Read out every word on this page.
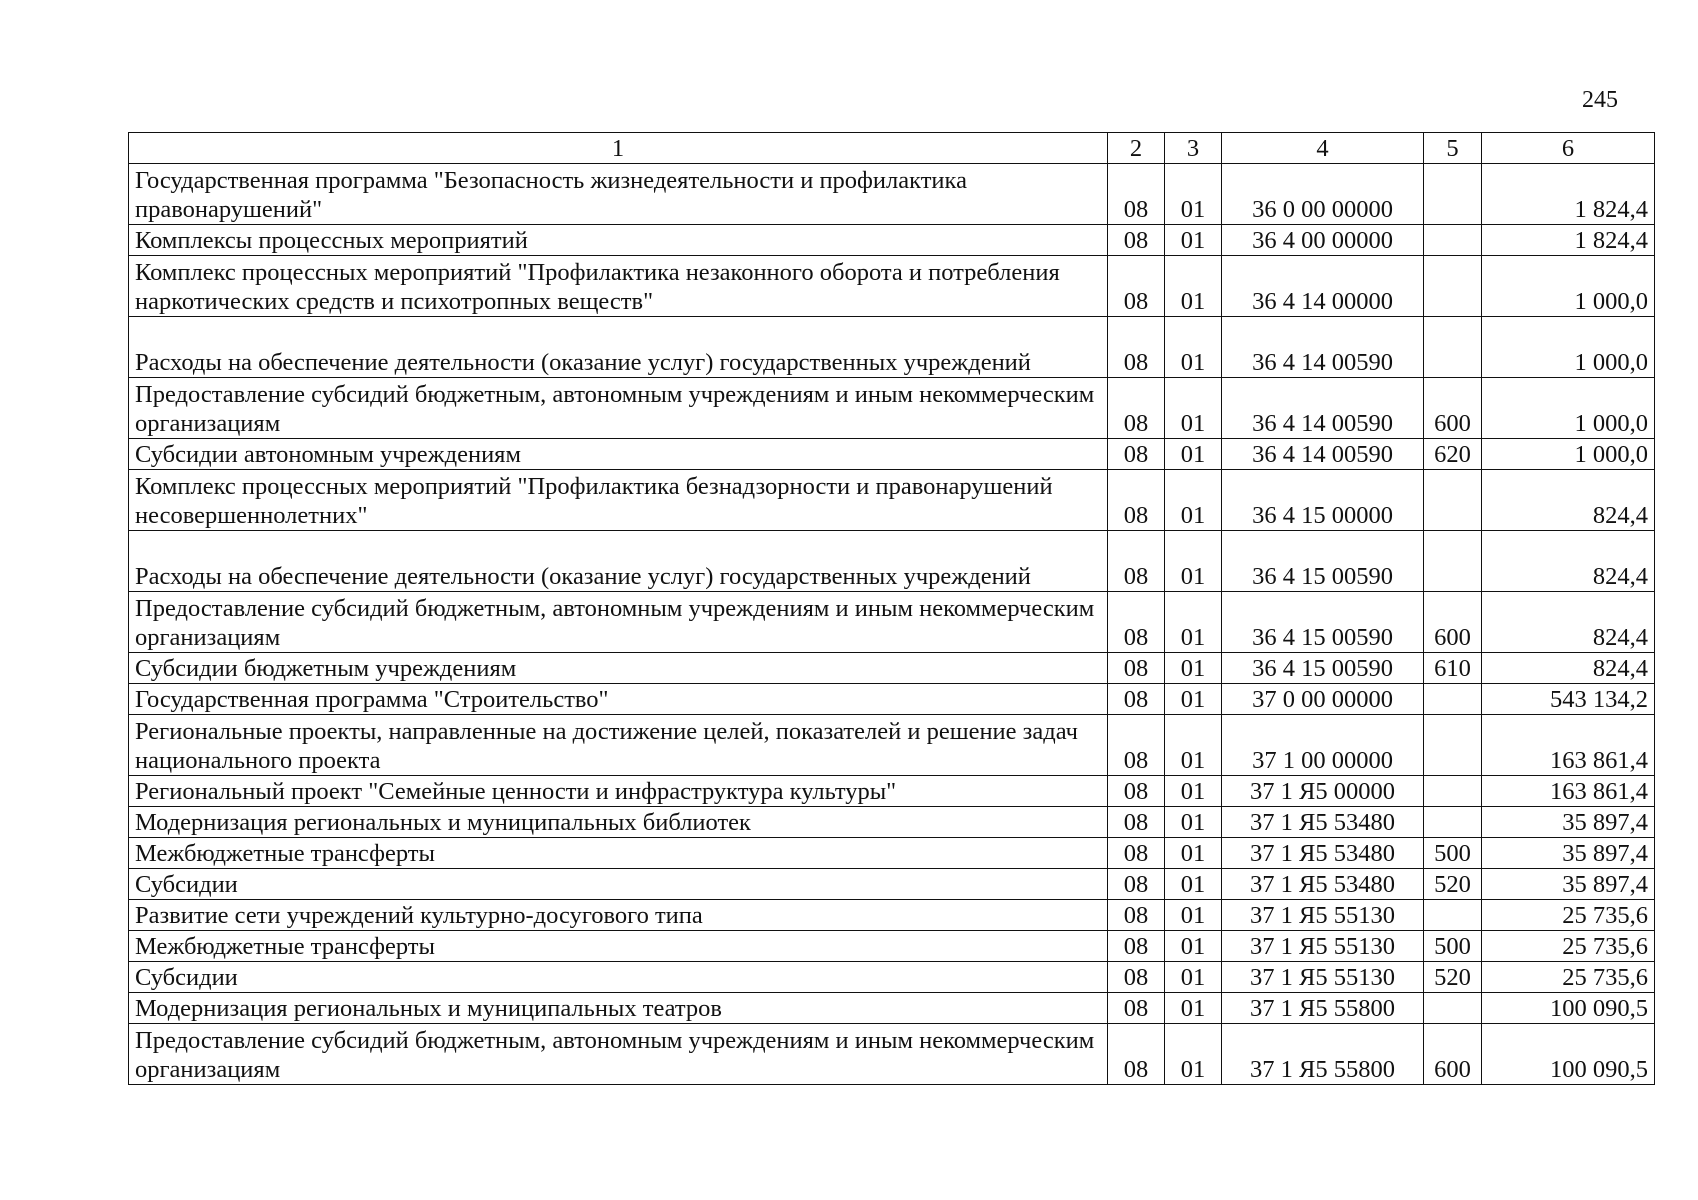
245
1	2	3	4	5	6
Государственная программа "Безопасность жизнедеятельности и профилактика правонарушений"	08	01	36 0 00 00000		1 824,4
Комплексы процессных мероприятий	08	01	36 4 00 00000		1 824,4
Комплекс процессных мероприятий "Профилактика незаконного оборота и потребления наркотических средств и психотропных веществ"	08	01	36 4 14 00000		1 000,0
Расходы на обеспечение деятельности (оказание услуг) государственных учреждений	08	01	36 4 14 00590		1 000,0
Предоставление субсидий бюджетным, автономным учреждениям и иным некоммерческим организациям	08	01	36 4 14 00590	600	1 000,0
Субсидии автономным учреждениям	08	01	36 4 14 00590	620	1 000,0
Комплекс процессных мероприятий "Профилактика безнадзорности и правонарушений несовершеннолетних"	08	01	36 4 15 00000		824,4
Расходы на обеспечение деятельности (оказание услуг) государственных учреждений	08	01	36 4 15 00590		824,4
Предоставление субсидий бюджетным, автономным учреждениям и иным некоммерческим организациям	08	01	36 4 15 00590	600	824,4
Субсидии бюджетным учреждениям	08	01	36 4 15 00590	610	824,4
Государственная программа "Строительство"	08	01	37 0 00 00000		543 134,2
Региональные проекты, направленные на достижение целей, показателей и решение задач национального проекта	08	01	37 1 00 00000		163 861,4
Региональный проект "Семейные ценности и инфраструктура культуры"	08	01	37 1 Я5 00000		163 861,4
Модернизация региональных и муниципальных библиотек	08	01	37 1 Я5 53480		35 897,4
Межбюджетные трансферты	08	01	37 1 Я5 53480	500	35 897,4
Субсидии	08	01	37 1 Я5 53480	520	35 897,4
Развитие сети учреждений культурно-досугового типа	08	01	37 1 Я5 55130		25 735,6
Межбюджетные трансферты	08	01	37 1 Я5 55130	500	25 735,6
Субсидии	08	01	37 1 Я5 55130	520	25 735,6
Модернизация региональных и муниципальных театров	08	01	37 1 Я5 55800		100 090,5
Предоставление субсидий бюджетным, автономным учреждениям и иным некоммерческим организациям	08	01	37 1 Я5 55800	600	100 090,5
